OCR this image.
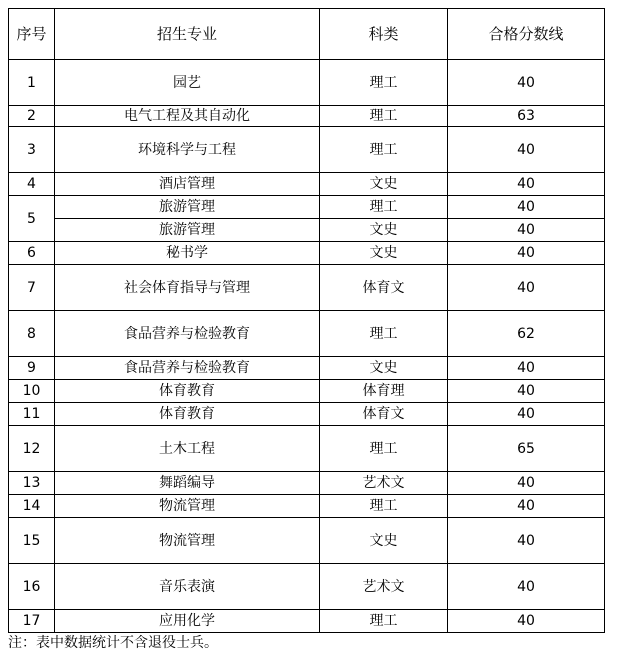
序号	招生专业	科类	合格分数线
1	园艺	理工	40
2	电气工程及其自动化	理工	63
3	环境科学与工程	理工	40
4	酒店管理	文史	40
5	旅游管理	理工	40
	旅游管理	文史	40
6	秘书学	文史	40
7	社会体育指导与管理	体育文	40
8	食品营养与检验教育	理工	62
9	食品营养与检验教育	文史	40
10	体育教育	体育理	40
11	体育教育	体育文	40
12	土木工程	理工	65
13	舞蹈编导	艺术文	40
14	物流管理	理工	40
15	物流管理	文史	40
16	音乐表演	艺术文	40
17	应用化学	理工	40
注：表中数据统计不含退役士兵。
